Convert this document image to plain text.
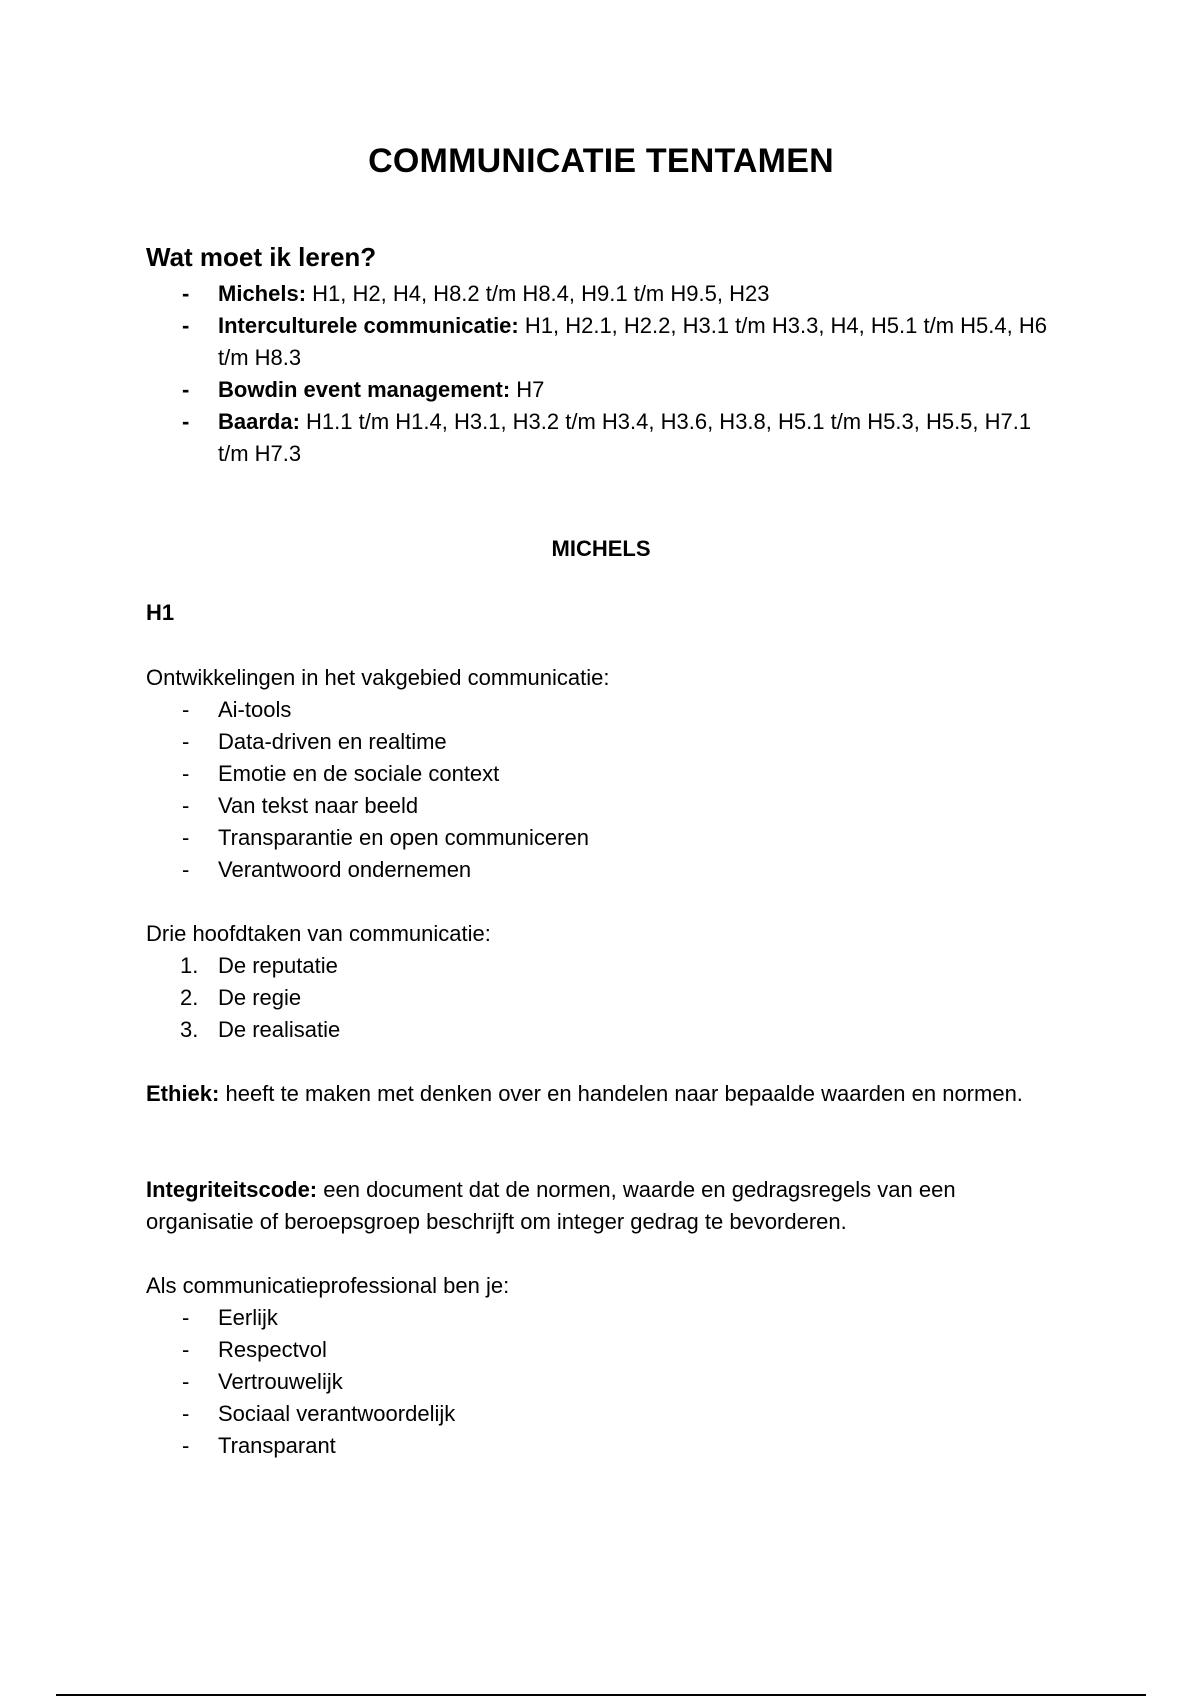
COMMUNICATIE TENTAMEN
Wat moet ik leren?
- Michels: H1, H2, H4, H8.2 t/m H8.4, H9.1 t/m H9.5, H23
- Interculturele communicatie: H1, H2.1, H2.2, H3.1 t/m H3.3, H4, H5.1 t/m H5.4, H6 t/m H8.3
- Bowdin event management: H7
- Baarda: H1.1 t/m H1.4, H3.1, H3.2 t/m H3.4, H3.6, H3.8, H5.1 t/m H5.3, H5.5, H7.1 t/m H7.3
MICHELS
H1

Ontwikkelingen in het vakgebied communicatie:

- Ai-tools
- Data-driven en realtime
- Emotie en de sociale context
- Van tekst naar beeld
- Transparantie en open communiceren
- Verantwoord ondernemen

Drie hoofdtaken van communicatie:

1. De reputatie
2. De regie
3. De realisatie

Ethiek: heeft te maken met denken over en handelen naar bepaalde waarden en normen.

Integriteitscode: een document dat de normen, waarde en gedragsregels van een organisatie of beroepsgroep beschrijft om integer gedrag te bevorderen.

Als communicatieprofessional ben je:

- Eerlijk
- Respectvol
- Vertrouwelijk
- Sociaal verantwoordelijk
- Transparant
